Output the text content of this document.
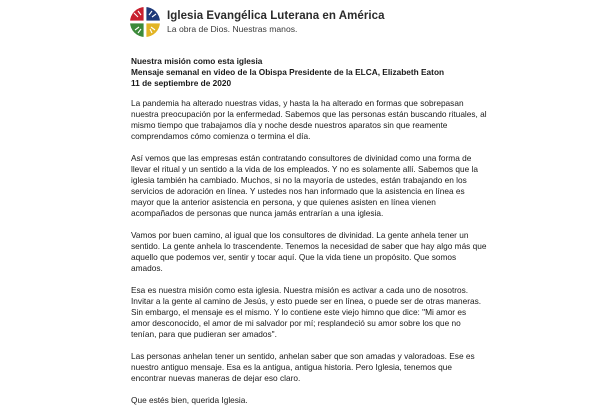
Iglesia Evangélica Luterana en América
La obra de Dios. Nuestras manos.

Nuestra misión como esta iglesia

Mensaje semanal en video de la Obispa Presidente de la ELCA, Elizabeth Eaton

11 de septiembre de 2020

La pandemia ha alterado nuestras vidas, y hasta la ha alterado en formas que sobrepasan
nuestra preocupación por la enfermedad. Sabemos que las personas están buscando rituales, al
mismo tiempo que trabajamos día y noche desde nuestros aparatos sin que reamente
comprendamos cómo comienza o termina el día.

Así vemos que las empresas están contratando consultores de divinidad como una forma de
llevar el ritual y un sentido a la vida de los empleados. Y no es solamente allí. Sabemos que la
iglesia también ha cambiado. Muchos, si no la mayoría de ustedes, están trabajando en los
servicios de adoración en línea. Y ustedes nos han informado que la asistencia en línea es
mayor que la anterior asistencia en persona, y que quienes asisten en línea vienen
acompañados de personas que nunca jamás entrarían a una iglesia.

Vamos por buen camino, al igual que los consultores de divinidad. La gente anhela tener un
sentido. La gente anhela lo trascendente. Tenemos la necesidad de saber que hay algo más que
aquello que podemos ver, sentir y tocar aquí. Que la vida tiene un propósito. Que somos
amados.

Esa es nuestra misión como esta iglesia. Nuestra misión es activar a cada uno de nosotros.
Invitar a la gente al camino de Jesús, y esto puede ser en línea, o puede ser de otras maneras.
Sin embargo, el mensaje es el mismo. Y lo contiene este viejo himno que dice: "Mi amor es
amor desconocido, el amor de mi salvador por mí; resplandeció su amor sobre los que no
tenían, para que pudieran ser amados".

Las personas anhelan tener un sentido, anhelan saber que son amadas y valoradoas. Ese es
nuestro antiguo mensaje. Esa es la antigua, antigua historia. Pero Iglesia, tenemos que
encontrar nuevas maneras de dejar eso claro.

Que estés bien, querida Iglesia.
